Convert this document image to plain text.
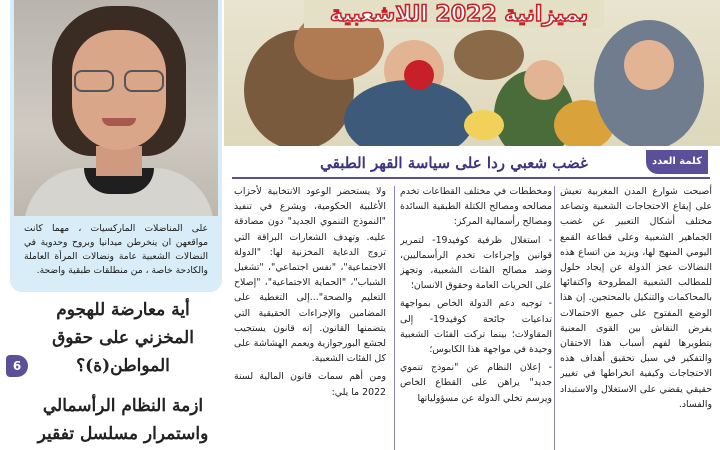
على المناضلات الماركسيات ، مهما كانت مواقعهن ان ينخرطن ميدانيا وبروح وحدوية في النضالات الشعبية عامة ونضالات المرأة العاملة والكادحة خاصة ، من منطلقات طبقية واضحة.
أية معارضة للهجوم المخزني على حقوق المواطن(ة)؟
6
ازمة النظام الرأسمالي واستمرار مسلسل تفقير
بميزانية 2022 اللاشعبية
غضب شعبي ردا على سياسة القهر الطبقي	كلمة العدد

أصبحت شوارع المدن المغربية تعيش على إيقاع الاحتجاجات الشعبية وتصاعد مختلف أشكال التعبير عن غضب الجماهير الشعبية وعلى قطاعة القمع اليومي المنهج لها، ويزيد من اتساع هذه النضالات عجز الدولة عن إيجاد حلول للمطالب الشعبية المطروحة واكتفائها بالمحاكمات والتنكيل بالمحتجين. إن هذا الوضع المفتوح على جميع الاحتمالات يفرض النقاش بين القوى المعنية بتطويرها لفهم أسباب هذا الاحتقان والتفكير في سبل تحقيق أهداف هذه الاحتجاجات وكيفية انخراطها في تغيير حقيقي يقضي على الاستغلال والاستبداد والفساد.

ومخططات في مختلف القطاعات تخدم مصالحه ومصالح الكتلة الطبقية السائدة ومصالح رأسمالية المركز:

- استغلال ظرفية كوفيد19- لتمرير قوانين وإجراءات تخدم الرأسماليين، وضد مصالح الفئات الشعبية، وتجهز على الحريات العامة وحقوق الانسان؛

- توجيه دعم الدولة الخاص بمواجهة تداعيات جائحة كوفيد19- إلى المقاولات؛ بينما تركت الفئات الشعبية وحيدة في مواجهة هذا الكابوس؛

- إعلان النظام عن "نموذج تنموي جديد" يراهن على القطاع الخاص ويرسم تخلي الدولة عن مسؤولياتها

ولا يستحضر الوعود الانتخابية لأحزاب الأغلبية الحكومية، ويشرع في تنفيذ "النموذج التنموي الجديد" دون مصادقة عليه. وتهدف الشعارات البراقة التي تروج الدعاية المخزنية لها: "الدولة الاجتماعية"، "نفس اجتماعي"، "تشغيل الشباب"، "الحماية الاجتماعية"، "إصلاح التعليم والصحة"...إلى التغطية على المضامين والإجراءات الحقيقية التي يتضمنها القانون. إنه قانون يستجيب لجشع البورجوازية ويعمم الهشاشة على كل الفئات الشعبية.

ومن أهم سمات قانون المالية لسنة 2022 ما يلي:
